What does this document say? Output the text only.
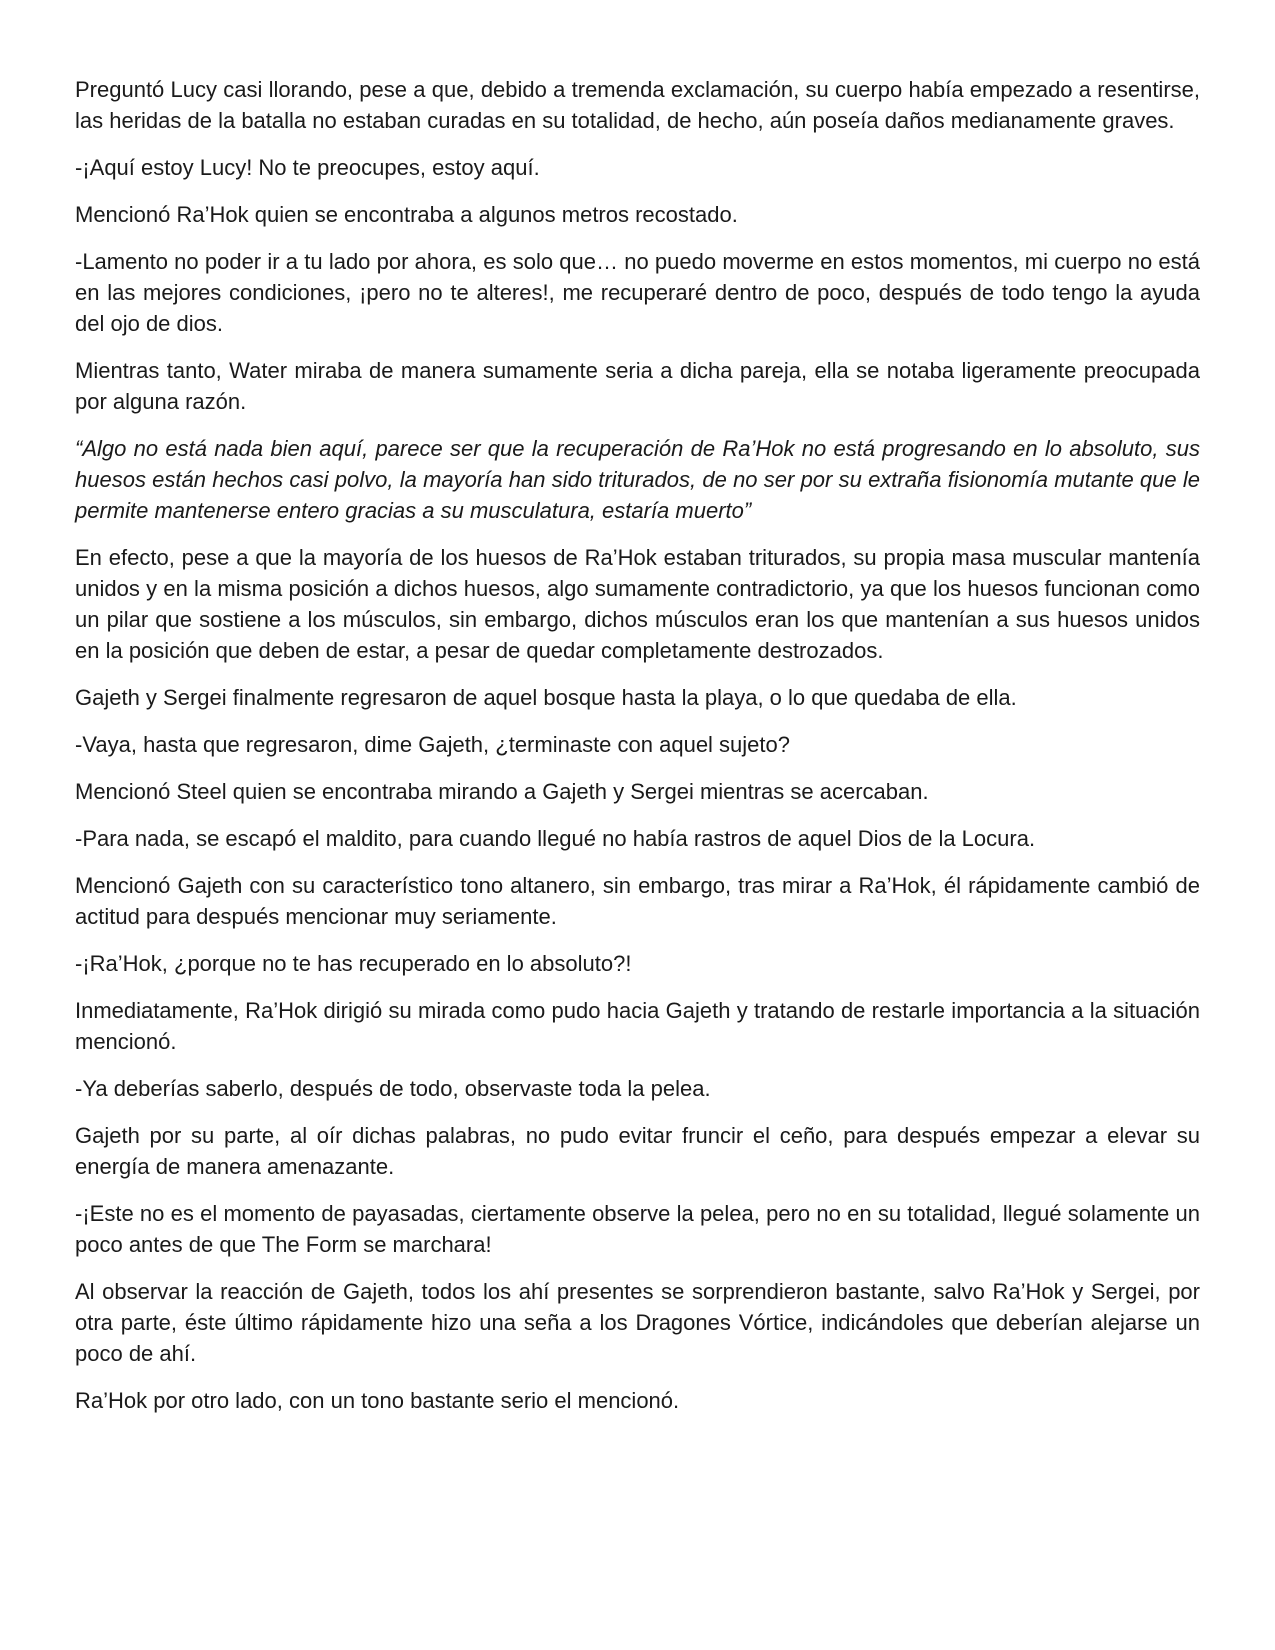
Preguntó Lucy casi llorando, pese a que, debido a tremenda exclamación, su cuerpo había empezado a resentirse, las heridas de la batalla no estaban curadas en su totalidad, de hecho, aún poseía daños medianamente graves.

-¡Aquí estoy Lucy! No te preocupes, estoy aquí.

Mencionó Ra’Hok quien se encontraba a algunos metros recostado.

-Lamento no poder ir a tu lado por ahora, es solo que… no puedo moverme en estos momentos, mi cuerpo no está en las mejores condiciones, ¡pero no te alteres!, me recuperaré dentro de poco, después de todo tengo la ayuda del ojo de dios.

Mientras tanto, Water miraba de manera sumamente seria a dicha pareja, ella se notaba ligeramente preocupada por alguna razón.

“Algo no está nada bien aquí, parece ser que la recuperación de Ra’Hok no está progresando en lo absoluto, sus huesos están hechos casi polvo, la mayoría han sido triturados, de no ser por su extraña fisionomía mutante que le permite mantenerse entero gracias a su musculatura, estaría muerto”

En efecto, pese a que la mayoría de los huesos de Ra’Hok estaban triturados, su propia masa muscular mantenía unidos y en la misma posición a dichos huesos, algo sumamente contradictorio, ya que los huesos funcionan como un pilar que sostiene a los músculos, sin embargo, dichos músculos eran los que mantenían a sus huesos unidos en la posición que deben de estar, a pesar de quedar completamente destrozados.

Gajeth y Sergei finalmente regresaron de aquel bosque hasta la playa, o lo que quedaba de ella.

-Vaya, hasta que regresaron, dime Gajeth, ¿terminaste con aquel sujeto?

Mencionó Steel quien se encontraba mirando a Gajeth y Sergei mientras se acercaban.

-Para nada, se escapó el maldito, para cuando llegué no había rastros de aquel Dios de la Locura.

Mencionó Gajeth con su característico tono altanero, sin embargo, tras mirar a Ra’Hok, él rápidamente cambió de actitud para después mencionar muy seriamente.

-¡Ra’Hok, ¿porque no te has recuperado en lo absoluto?!

Inmediatamente, Ra’Hok dirigió su mirada como pudo hacia Gajeth y tratando de restarle importancia a la situación mencionó.

-Ya deberías saberlo, después de todo, observaste toda la pelea.

Gajeth por su parte, al oír dichas palabras, no pudo evitar fruncir el ceño, para después empezar a elevar su energía de manera amenazante.

-¡Este no es el momento de payasadas, ciertamente observe la pelea, pero no en su totalidad, llegué solamente un poco antes de que The Form se marchara!

Al observar la reacción de Gajeth, todos los ahí presentes se sorprendieron bastante, salvo Ra’Hok y Sergei, por otra parte, éste último rápidamente hizo una seña a los Dragones Vórtice, indicándoles que deberían alejarse un poco de ahí.

Ra’Hok por otro lado, con un tono bastante serio el mencionó.
